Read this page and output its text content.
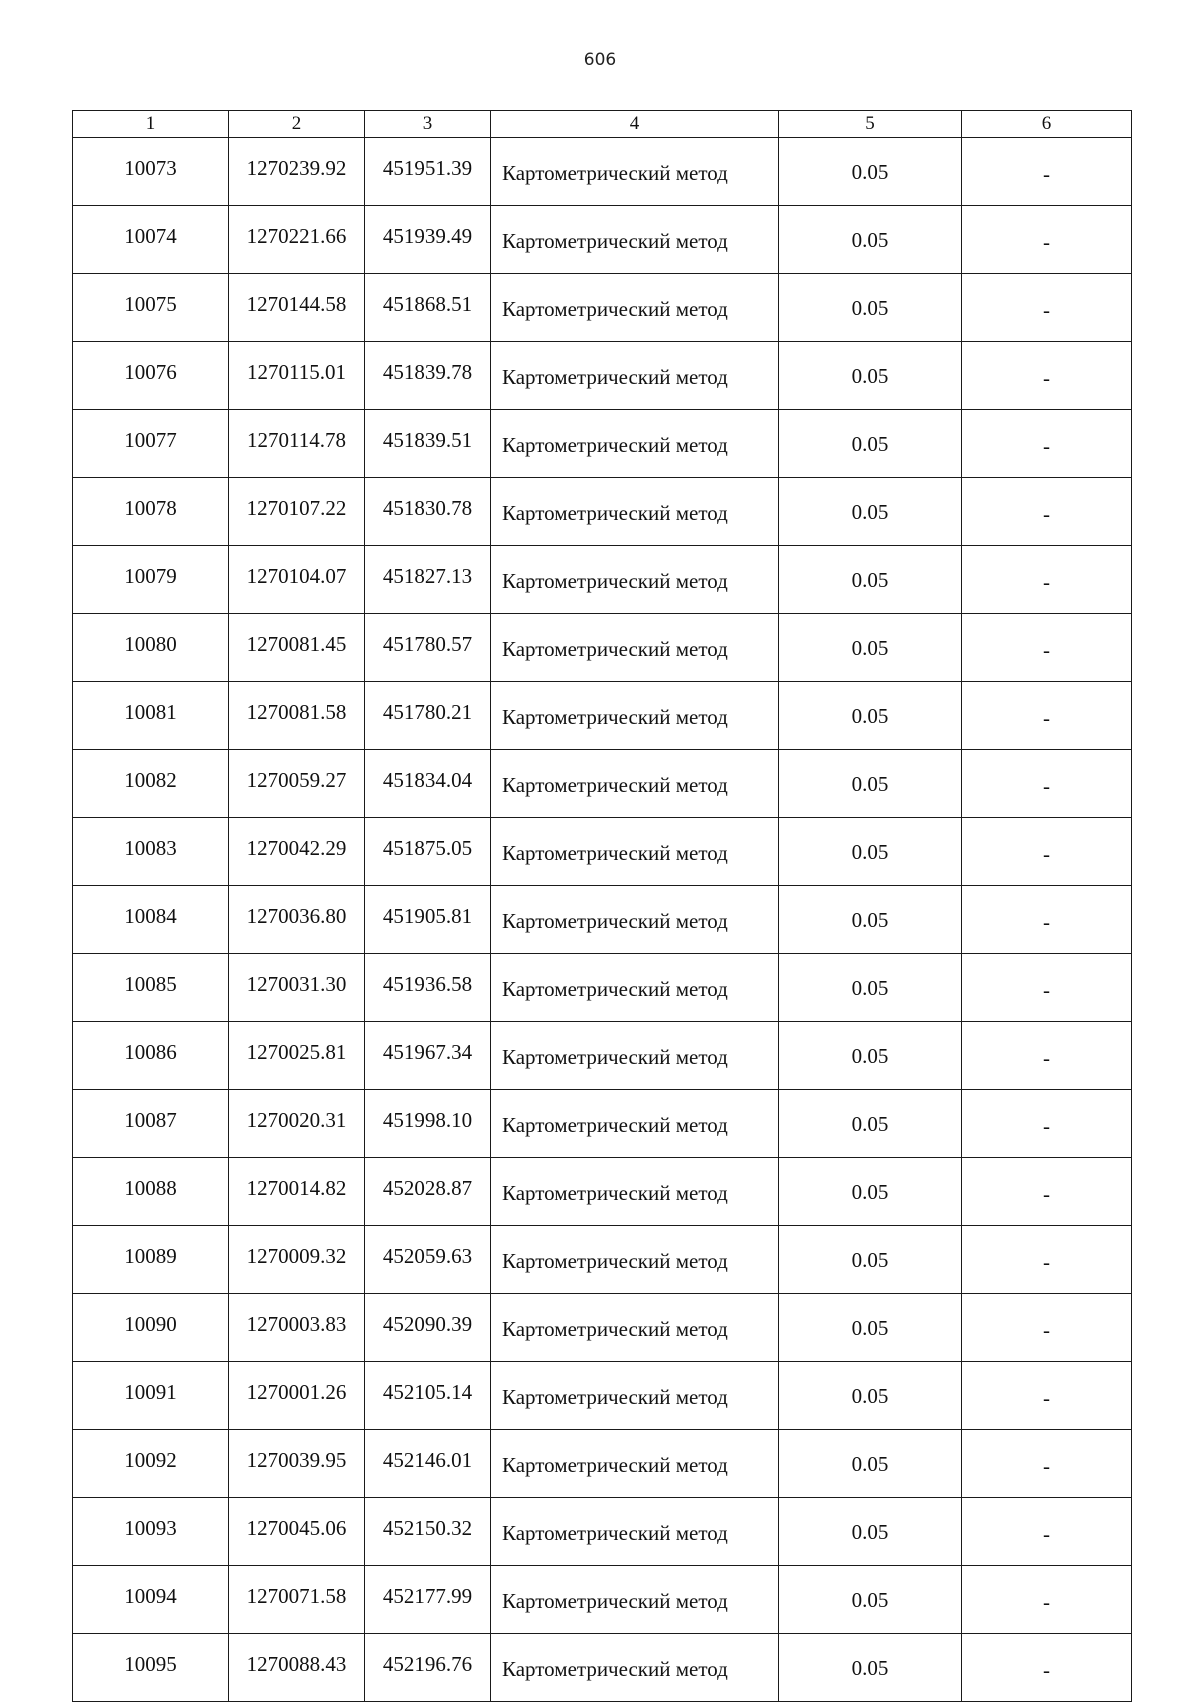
606
1	2	3	4	5	6
10073	1270239.92	451951.39	Картометрический метод	0.05	-
10074	1270221.66	451939.49	Картометрический метод	0.05	-
10075	1270144.58	451868.51	Картометрический метод	0.05	-
10076	1270115.01	451839.78	Картометрический метод	0.05	-
10077	1270114.78	451839.51	Картометрический метод	0.05	-
10078	1270107.22	451830.78	Картометрический метод	0.05	-
10079	1270104.07	451827.13	Картометрический метод	0.05	-
10080	1270081.45	451780.57	Картометрический метод	0.05	-
10081	1270081.58	451780.21	Картометрический метод	0.05	-
10082	1270059.27	451834.04	Картометрический метод	0.05	-
10083	1270042.29	451875.05	Картометрический метод	0.05	-
10084	1270036.80	451905.81	Картометрический метод	0.05	-
10085	1270031.30	451936.58	Картометрический метод	0.05	-
10086	1270025.81	451967.34	Картометрический метод	0.05	-
10087	1270020.31	451998.10	Картометрический метод	0.05	-
10088	1270014.82	452028.87	Картометрический метод	0.05	-
10089	1270009.32	452059.63	Картометрический метод	0.05	-
10090	1270003.83	452090.39	Картометрический метод	0.05	-
10091	1270001.26	452105.14	Картометрический метод	0.05	-
10092	1270039.95	452146.01	Картометрический метод	0.05	-
10093	1270045.06	452150.32	Картометрический метод	0.05	-
10094	1270071.58	452177.99	Картометрический метод	0.05	-
10095	1270088.43	452196.76	Картометрический метод	0.05	-
